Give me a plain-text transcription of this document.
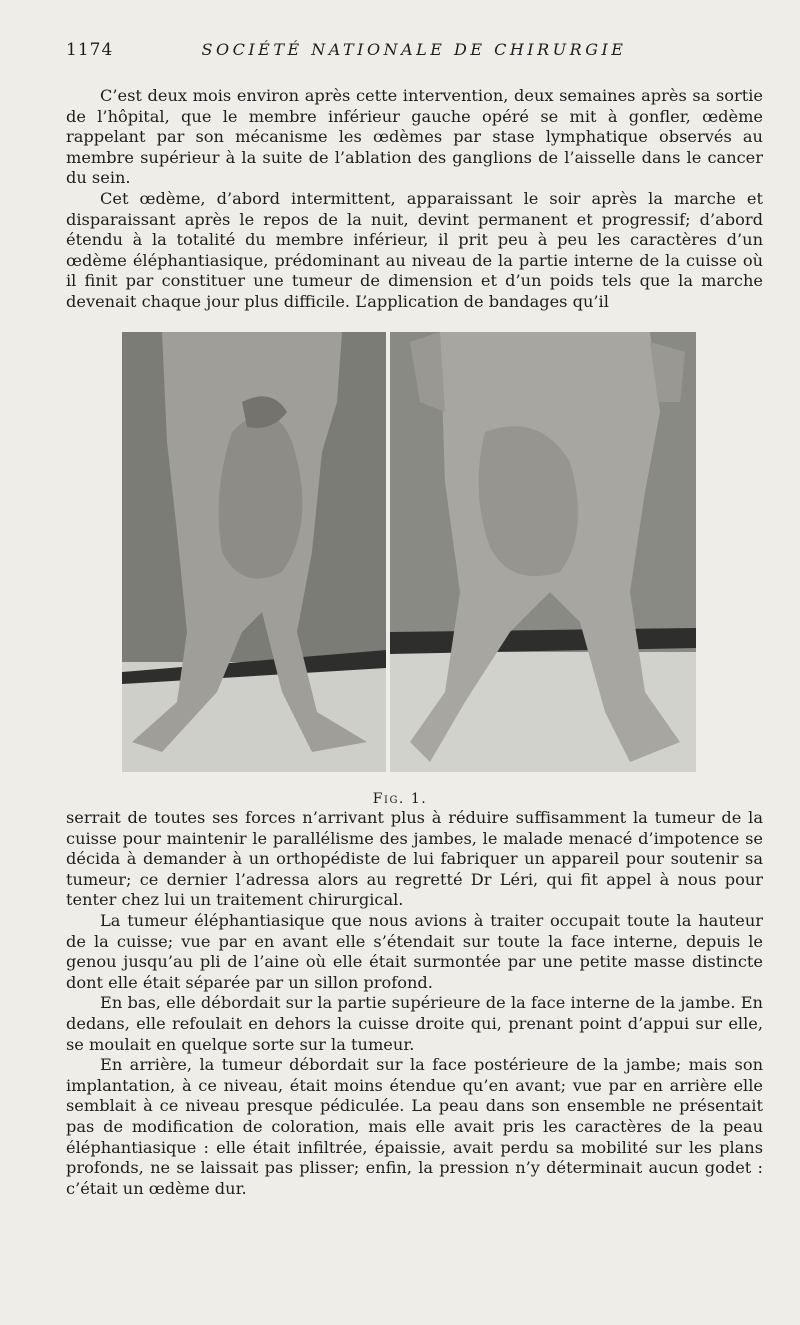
1174	SOCIÉTÉ NATIONALE DE CHIRURGIE

C’est deux mois environ après cette intervention, deux semaines après sa sortie de l’hôpital, que le membre inférieur gauche opéré se mit à gonfler, œdème rappelant par son mécanisme les œdèmes par stase lymphatique observés au membre supérieur à la suite de l’ablation des ganglions de l’aisselle dans le cancer du sein.

Cet œdème, d’abord intermittent, apparaissant le soir après la marche et disparaissant après le repos de la nuit, devint permanent et progressif; d’abord étendu à la totalité du membre inférieur, il prit peu à peu les caractères d’un œdème éléphantiasique, prédominant au niveau de la partie interne de la cuisse où il finit par constituer une tumeur de dimension et d’un poids tels que la marche devenait chaque jour plus difficile. L’application de bandages qu’il

Fig. 1.

serrait de toutes ses forces n’arrivant plus à réduire suffisamment la tumeur de la cuisse pour maintenir le parallélisme des jambes, le malade menacé d’impotence se décida à demander à un orthopédiste de lui fabriquer un appareil pour soutenir sa tumeur; ce dernier l’adressa alors au regretté Dr Léri, qui fit appel à nous pour tenter chez lui un traitement chirurgical.

La tumeur éléphantiasique que nous avions à traiter occupait toute la hauteur de la cuisse; vue par en avant elle s’étendait sur toute la face interne, depuis le genou jusqu’au pli de l’aine où elle était surmontée par une petite masse distincte dont elle était séparée par un sillon profond.

En bas, elle débordait sur la partie supérieure de la face interne de la jambe. En dedans, elle refoulait en dehors la cuisse droite qui, prenant point d’appui sur elle, se moulait en quelque sorte sur la tumeur.

En arrière, la tumeur débordait sur la face postérieure de la jambe; mais son implantation, à ce niveau, était moins étendue qu’en avant; vue par en arrière elle semblait à ce niveau presque pédiculée. La peau dans son ensemble ne présentait pas de modification de coloration, mais elle avait pris les caractères de la peau éléphantiasique : elle était infiltrée, épaissie, avait perdu sa mobilité sur les plans profonds, ne se laissait pas plisser; enfin, la pression n’y déterminait aucun godet : c’était un œdème dur.
